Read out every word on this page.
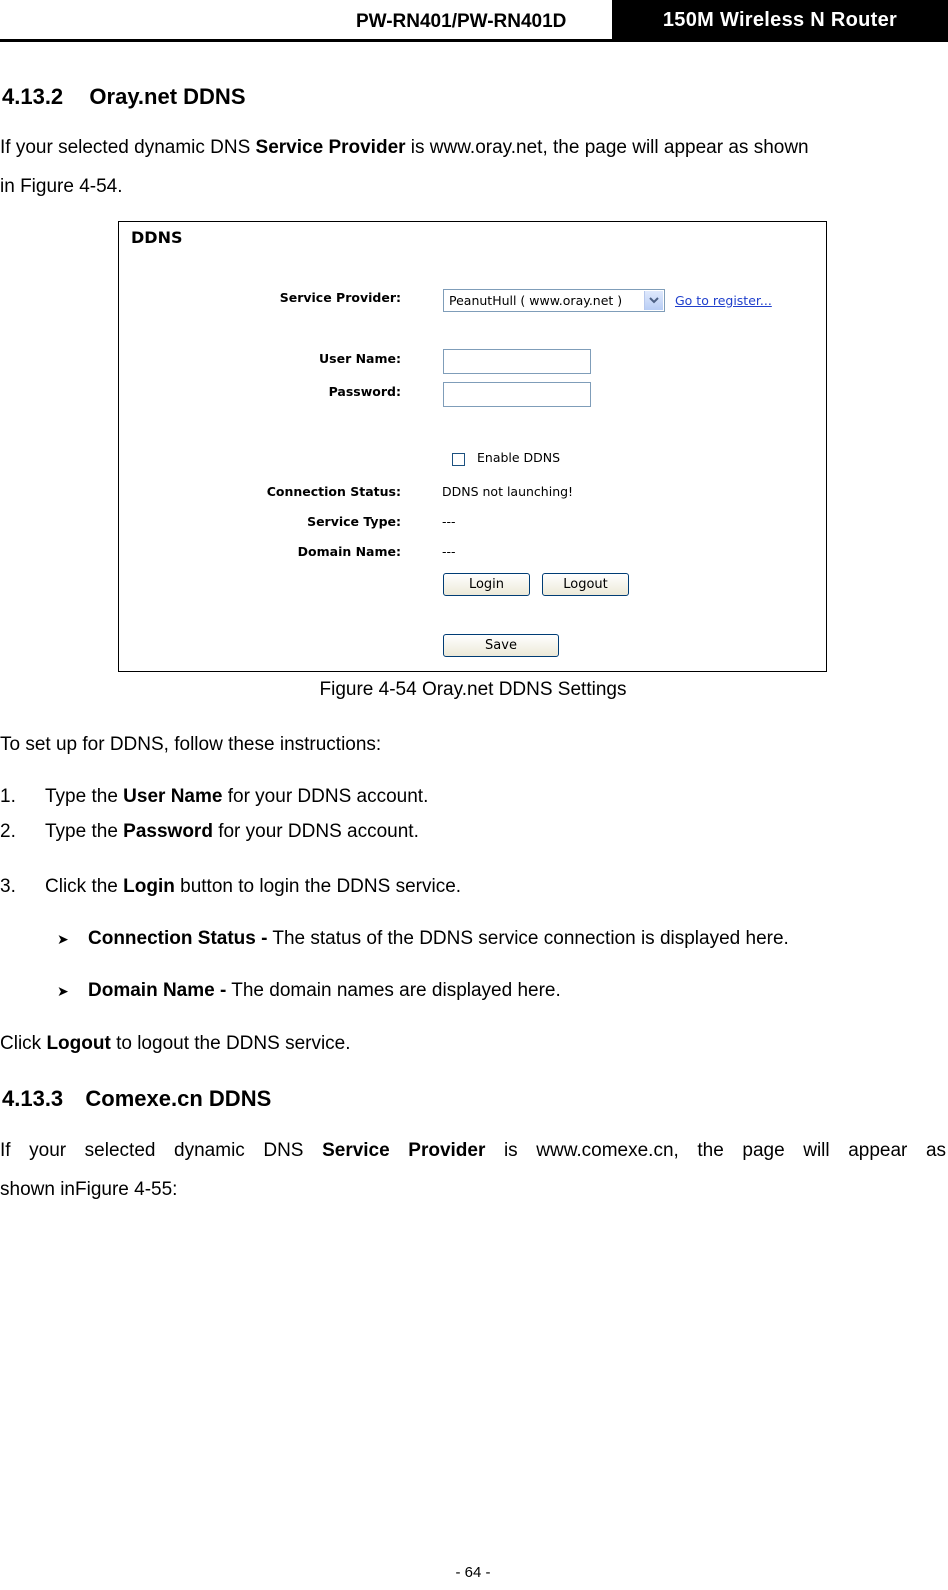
PW-RN401/PW-RN401D	150M Wireless N Router
4.13.2 Oray.net DDNS
If your selected dynamic DNS Service Provider is www.oray.net, the page will appear as shown
in Figure 4-54.
DDNS
Service Provider:	PeanutHull ( www.oray.net )	Go to register...
User Name:
Password:
Enable DDNS
Connection Status:	DDNS not launching!
Service Type:	---
Domain Name:	---
Login	Logout
Save
Figure 4-54 Oray.net DDNS Settings
To set up for DDNS, follow these instructions:
1. Type the User Name for your DDNS account.
2. Type the Password for your DDNS account.
3. Click the Login button to login the DDNS service.
➤ Connection Status - The status of the DDNS service connection is displayed here.
➤ Domain Name - The domain names are displayed here.
Click Logout to logout the DDNS service.
4.13.3 Comexe.cn DDNS
If your selected dynamic DNS Service Provider is www.comexe.cn, the page will appear as
shown inFigure 4-55:
- 64 -
